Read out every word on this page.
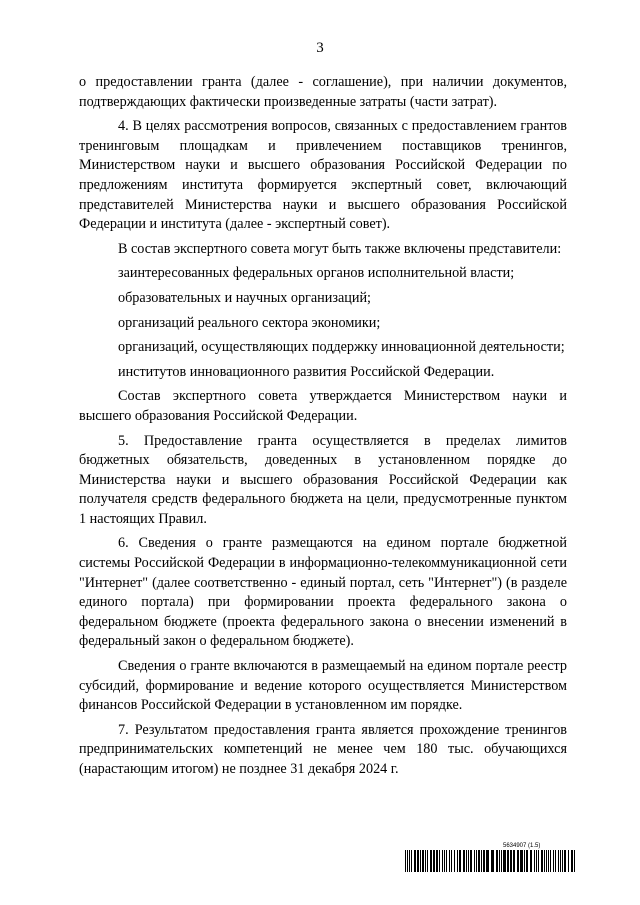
3

о предоставлении гранта (далее - соглашение), при наличии документов, подтверждающих фактически произведенные затраты (части затрат).

4. В целях рассмотрения вопросов, связанных с предоставлением грантов тренинговым площадкам и привлечением поставщиков тренингов, Министерством науки и высшего образования Российской Федерации по предложениям института формируется экспертный совет, включающий представителей Министерства науки и высшего образования Российской Федерации и института (далее - экспертный совет).

В состав экспертного совета могут быть также включены представители:

заинтересованных федеральных органов исполнительной власти;

образовательных и научных организаций;

организаций реального сектора экономики;

организаций, осуществляющих поддержку инновационной деятельности;

институтов инновационного развития Российской Федерации.

Состав экспертного совета утверждается Министерством науки и высшего образования Российской Федерации.

5. Предоставление гранта осуществляется в пределах лимитов бюджетных обязательств, доведенных в установленном порядке до Министерства науки и высшего образования Российской Федерации как получателя средств федерального бюджета на цели, предусмотренные пунктом 1 настоящих Правил.

6. Сведения о гранте размещаются на едином портале бюджетной системы Российской Федерации в информационно-телекоммуникационной сети "Интернет" (далее соответственно - единый портал, сеть "Интернет") (в разделе единого портала) при формировании проекта федерального закона о федеральном бюджете (проекта федерального закона о внесении изменений в федеральный закон о федеральном бюджете).

Сведения о гранте включаются в размещаемый на едином портале реестр субсидий, формирование и ведение которого осуществляется Министерством финансов Российской Федерации в установленном им порядке.

7. Результатом предоставления гранта является прохождение тренингов предпринимательских компетенций не менее чем 180 тыс. обучающихся (нарастающим итогом) не позднее 31 декабря 2024 г.

5634907 (1.5)
